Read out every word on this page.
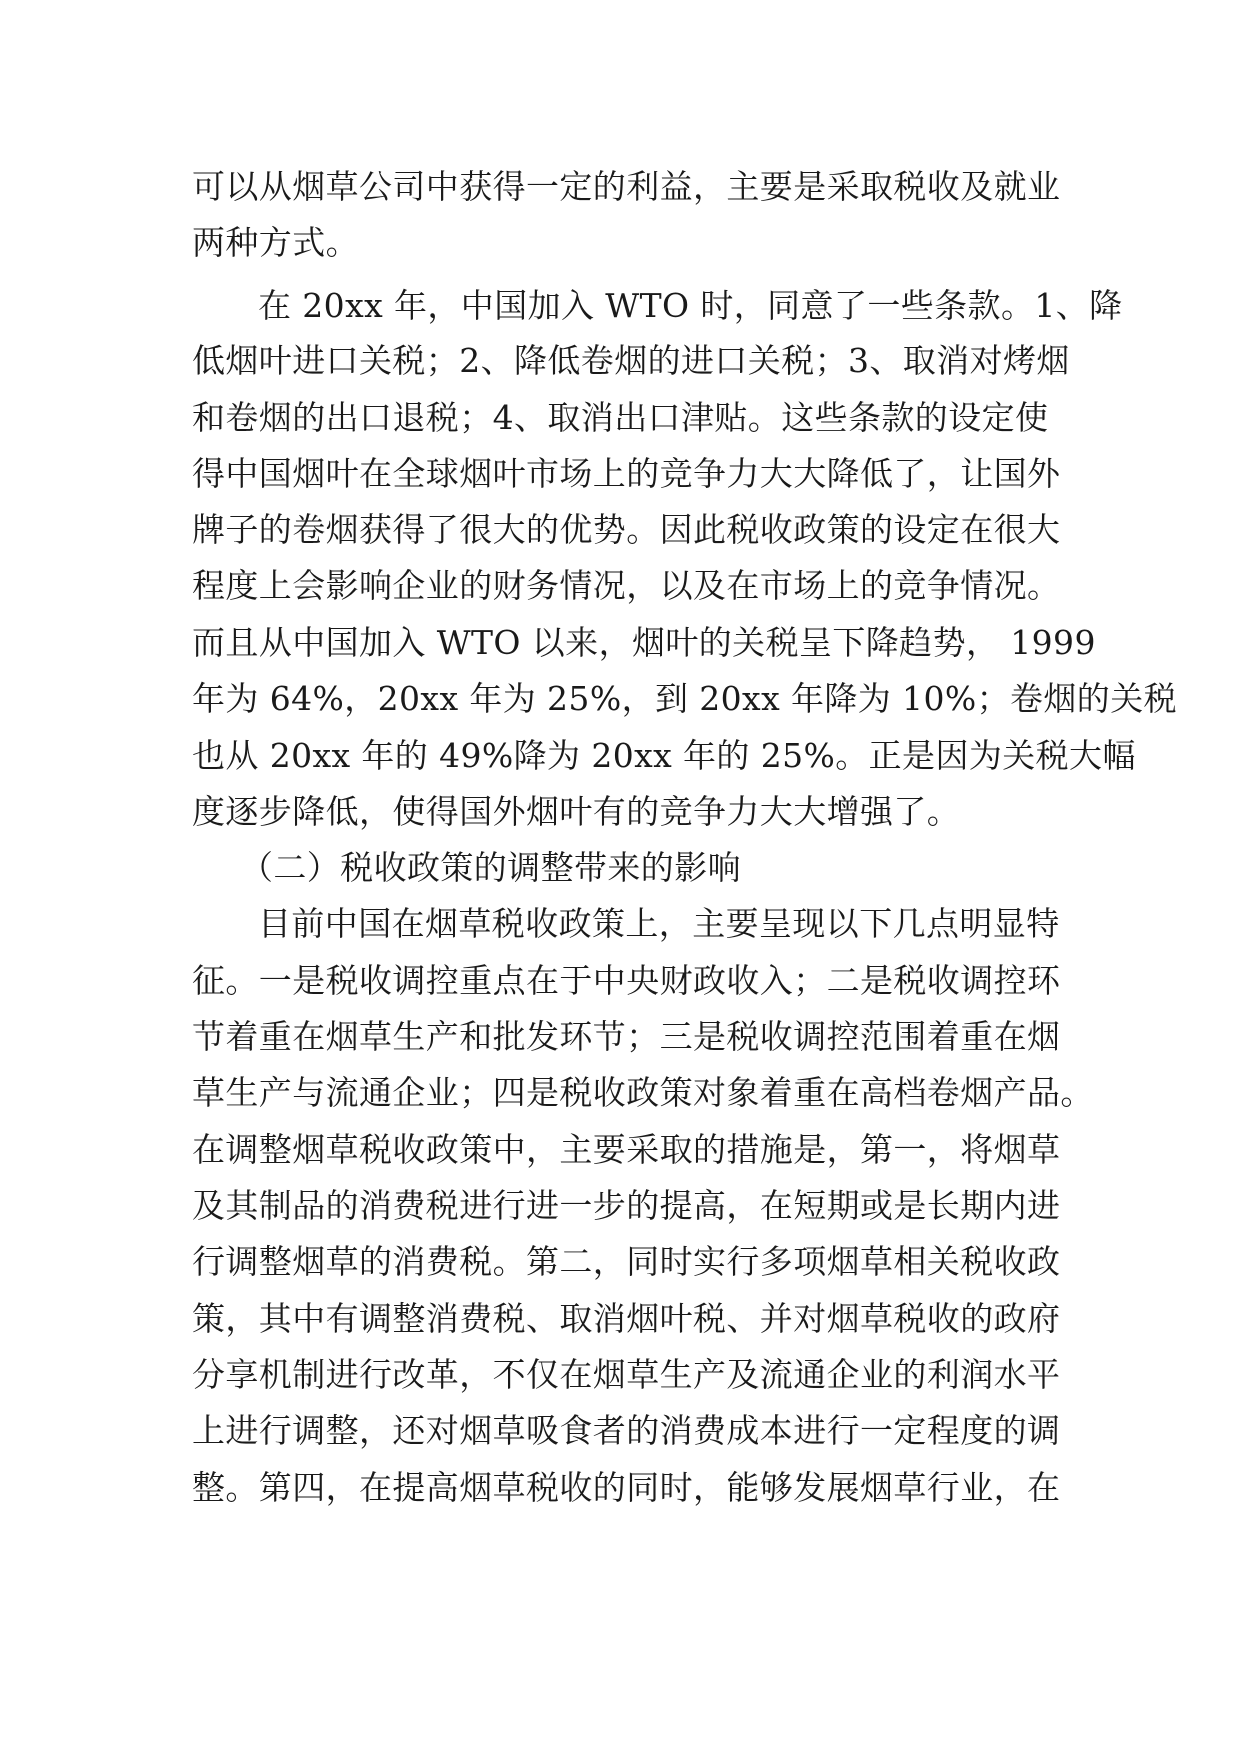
可以从烟草公司中获得一定的利益，主要是采取税收及就业
两种方式。
在 20xx 年，中国加入 WTO 时，同意了一些条款。1、降
低烟叶进口关税；2、降低卷烟的进口关税；3、取消对烤烟
和卷烟的出口退税；4、取消出口津贴。这些条款的设定使
得中国烟叶在全球烟叶市场上的竞争力大大降低了，让国外
牌子的卷烟获得了很大的优势。因此税收政策的设定在很大
程度上会影响企业的财务情况，以及在市场上的竞争情况。
而且从中国加入 WTO 以来，烟叶的关税呈下降趋势， 1999
年为 64%，20xx 年为 25%，到 20xx 年降为 10%；卷烟的关税
也从 20xx 年的 49%降为 20xx 年的 25%。正是因为关税大幅
度逐步降低，使得国外烟叶有的竞争力大大增强了。
（二）税收政策的调整带来的影响
目前中国在烟草税收政策上，主要呈现以下几点明显特
征。一是税收调控重点在于中央财政收入；二是税收调控环
节着重在烟草生产和批发环节；三是税收调控范围着重在烟
草生产与流通企业；四是税收政策对象着重在高档卷烟产品。
在调整烟草税收政策中，主要采取的措施是，第一，将烟草
及其制品的消费税进行进一步的提高，在短期或是长期内进
行调整烟草的消费税。第二，同时实行多项烟草相关税收政
策，其中有调整消费税、取消烟叶税、并对烟草税收的政府
分享机制进行改革，不仅在烟草生产及流通企业的利润水平
上进行调整，还对烟草吸食者的消费成本进行一定程度的调
整。第四，在提高烟草税收的同时，能够发展烟草行业，在
